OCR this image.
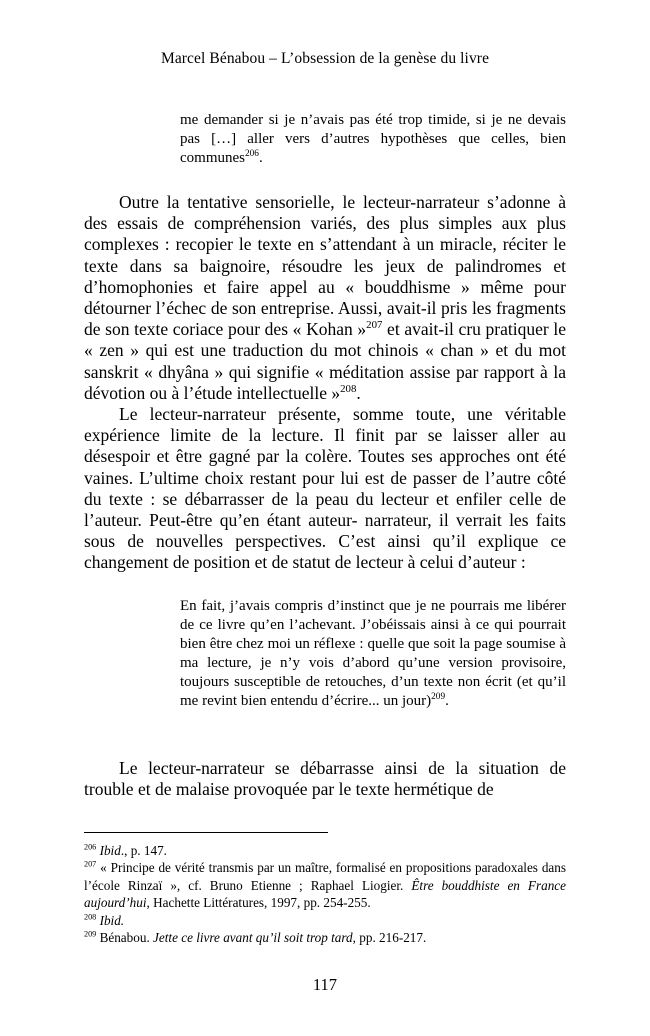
Marcel Bénabou – L’obsession de la genèse du livre
me demander si je n’avais pas été trop timide, si je ne devais pas […] aller vers d’autres hypothèses que celles, bien communes$^{206}$.

Outre la tentative sensorielle, le lecteur-narrateur s’adonne à des essais de compréhension variés, des plus simples aux plus complexes : recopier le texte en s’attendant à un miracle, réciter le texte dans sa baignoire, résoudre les jeux de palindromes et d’homophonies et faire appel au « bouddhisme » même pour détourner l’échec de son entreprise. Aussi, avait-il pris les fragments de son texte coriace pour des « Kohan »$^{207}$ et avait-il cru pratiquer le « zen » qui est une traduction du mot chinois « chan » et du mot sanskrit « dhyâna » qui signifie « méditation assise par rapport à la dévotion ou à l’étude intellectuelle »$^{208}$.

Le lecteur-narrateur présente, somme toute, une véritable expérience limite de la lecture. Il finit par se laisser aller au désespoir et être gagné par la colère. Toutes ses approches ont été vaines. L’ultime choix restant pour lui est de passer de l’autre côté du texte : se débarrasser de la peau du lecteur et enfiler celle de l’auteur. Peut-être qu’en étant auteur- narrateur, il verrait les faits sous de nouvelles perspectives. C’est ainsi qu’il explique ce changement de position et de statut de lecteur à celui d’auteur :

En fait, j’avais compris d’instinct que je ne pourrais me libérer de ce livre qu’en l’achevant. J’obéissais ainsi à ce qui pourrait bien être chez moi un réflexe : quelle que soit la page soumise à ma lecture, je n’y vois d’abord qu’une version provisoire, toujours susceptible de retouches, d’un texte non écrit (et qu’il me revint bien entendu d’écrire... un jour)$^{209}$.

Le lecteur-narrateur se débarrasse ainsi de la situation de trouble et de malaise provoquée par le texte hermétique de

$^{206}$ Ibid., p. 147.

$^{207}$ « Principe de vérité transmis par un maître, formalisé en propositions paradoxales dans l’école Rinzaï », cf. Bruno Etienne ; Raphael Liogier. Être bouddhiste en France aujourd’hui, Hachette Littératures, 1997, pp. 254-255.

$^{208}$ Ibid.

$^{209}$ Bénabou. Jette ce livre avant qu’il soit trop tard, pp. 216-217.

117
